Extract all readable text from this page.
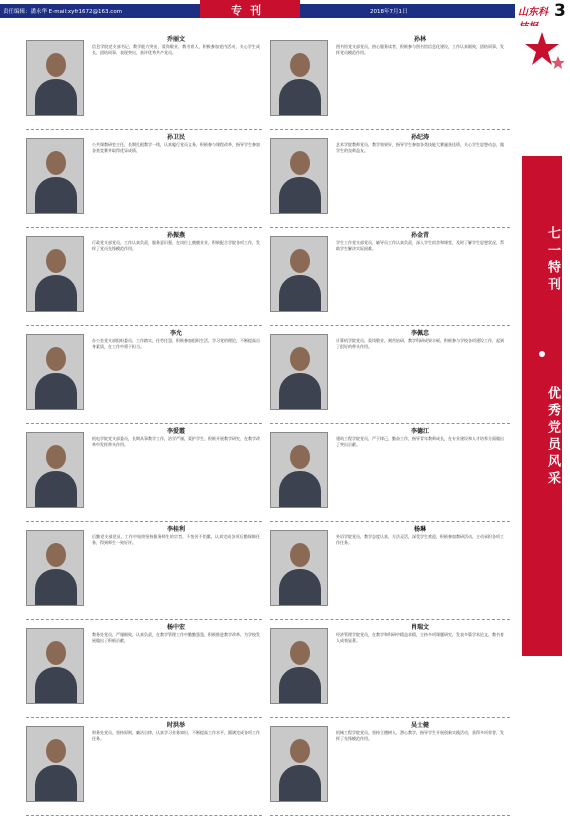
责任编辑：潘永华 E-mail:xyfr1672@163.com	专刊	2018年7月1日	山东科 3
乔丽文
信息学院党支部书记，教学能力突出，爱岗敬业，教书育人，积极参加党内活动，关心学生成长，团结同事，表现突出，获评优秀共产党员。
孙卫民
公共课教研室主任，长期扎根教学一线，认真履行党员义务，积极参与课程改革，指导学生参加各类竞赛并取得优异成绩。
孙振燕
行政党支部党员，工作认真负责，服务意识强，在岗位上兢兢业业，积极配合学院各项工作，发挥了党员先锋模范作用。
李允
办公室党支部组织委员，工作踏实，任劳任怨，积极参加组织生活，学习党的理论，不断提高自身素质，在工作中勇于担当。
李爱霞
机电学院党支部委员，长期从事教学工作，治学严谨，爱护学生，积极开展教学研究，在教学改革中发挥带头作用。
李桂利
后勤党支部党员，工作中始终坚持服务师生的宗旨，不怕苦不怕累，认真完成各项后勤保障任务，得到师生一致好评。
杨中宏
教务处党员，严谨细致，认真负责，在教学管理工作中勤勤恳恳，积极推进教学改革，为学校发展做出了积极贡献。
时洪举
财务处党员，坚持原则，廉洁自律，认真学习业务知识，不断提高工作水平，圆满完成各项工作任务。
孙林
图书馆党支部党员，热心服务读者，积极参与图书馆信息化建设，工作认真细致，团结同事，发挥党员模范作用。
孙纪涛
艺术学院教师党员，教学效果好，指导学生参加各类技能大赛屡获佳绩，关心学生思想动态，做学生的良师益友。
孙金青
学生工作党支部党员，辅导员工作认真负责，深入学生宿舍和课堂，及时了解学生思想状况，帮助学生解决实际困难。
李佩忠
计算机学院党员，爱岗敬业，刻苦钻研，教学科研成果丰硕，积极参与学校各项建设工作，起到了很好的带头作用。
李德江
建筑工程学院党员，严于律己，勤奋工作，指导青年教师成长，在专业建设和人才培养方面做出了突出贡献。
杨琳
外语学院党员，教学态度认真，方法灵活，深受学生欢迎，积极参加教研活动，主动承担各项工作任务。
肖瑞文
经济管理学院党员，在教学和科研中精益求精，主持多项课题研究，发表多篇学术论文，教书育人成效显著。
吴士健
机械工程学院党员，坚持立德树人，潜心教学，指导学生开展创新实践活动，获得多项荣誉，发挥了先锋模范作用。
七一特刊
优秀党员风采
